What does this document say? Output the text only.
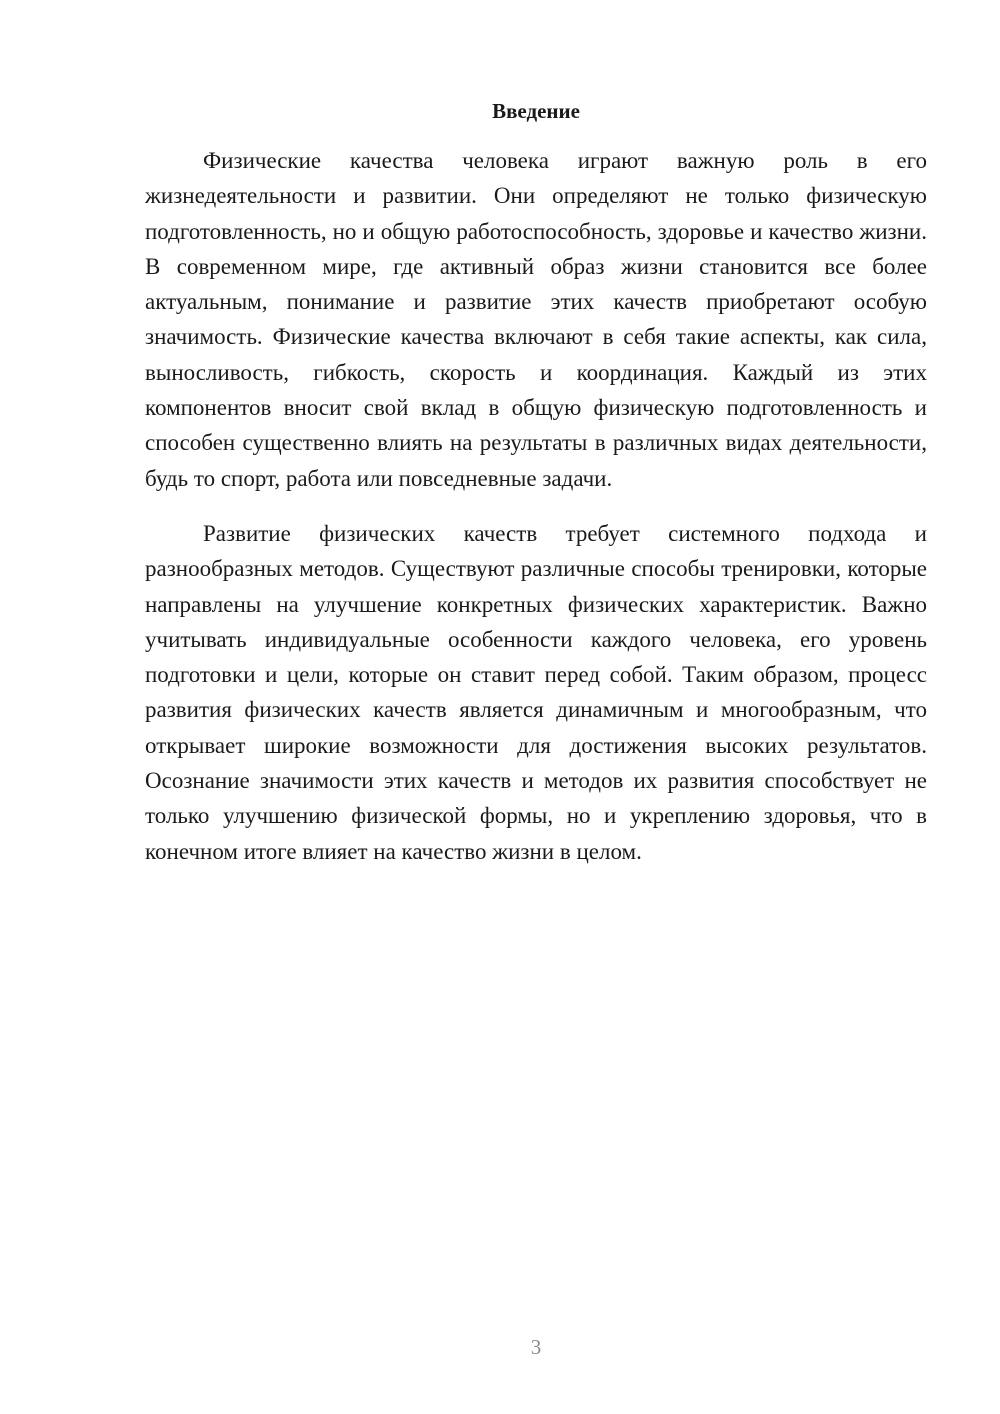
Введение

Физические качества человека играют важную роль в его жизнедеятельности и развитии. Они определяют не только физическую подготовленность, но и общую работоспособность, здоровье и качество жизни. В современном мире, где активный образ жизни становится все более актуальным, понимание и развитие этих качеств приобретают особую значимость. Физические качества включают в себя такие аспекты, как сила, выносливость, гибкость, скорость и координация. Каждый из этих компонентов вносит свой вклад в общую физическую подготовленность и способен существенно влиять на результаты в различных видах деятельности, будь то спорт, работа или повседневные задачи.

Развитие физических качеств требует системного подхода и разнообразных методов. Существуют различные способы тренировки, которые направлены на улучшение конкретных физических характеристик. Важно учитывать индивидуальные особенности каждого человека, его уровень подготовки и цели, которые он ставит перед собой. Таким образом, процесс развития физических качеств является динамичным и многообразным, что открывает широкие возможности для достижения высоких результатов. Осознание значимости этих качеств и методов их развития способствует не только улучшению физической формы, но и укреплению здоровья, что в конечном итоге влияет на качество жизни в целом.

3
